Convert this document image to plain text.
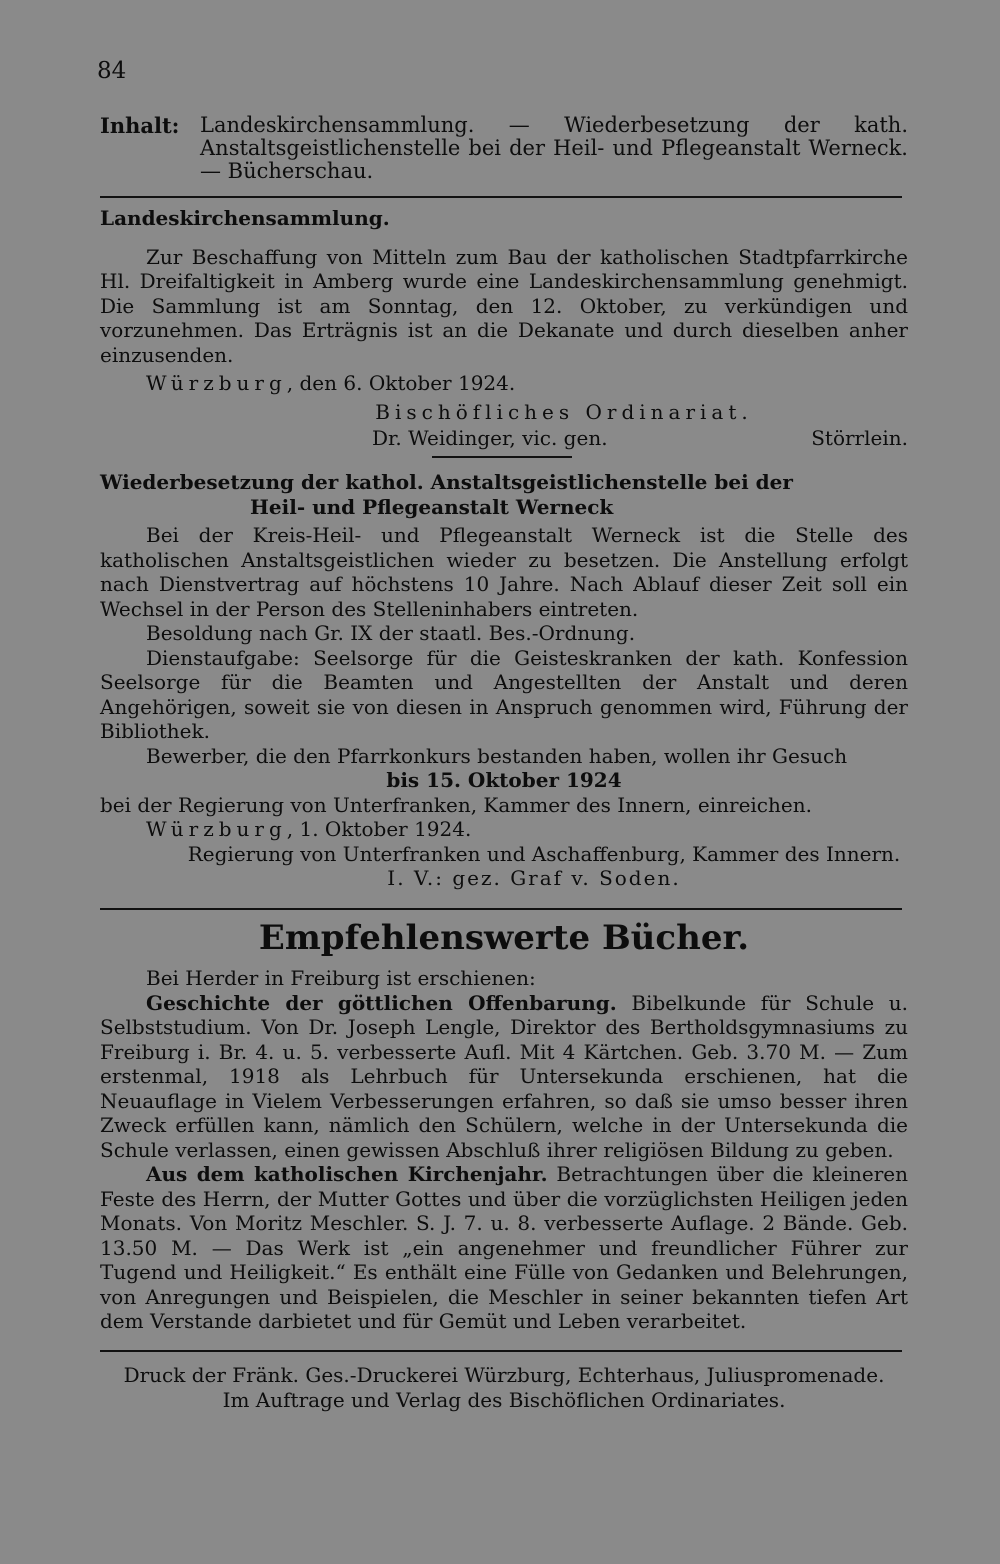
84
Inhalt: Landeskirchensammlung. — Wiederbesetzung der kath. Anstaltsgeistlichenstelle bei der Heil- und Pflegeanstalt Werneck. — Bücherschau.
Landeskirchensammlung.

Zur Beschaffung von Mitteln zum Bau der katholischen Stadtpfarrkirche Hl. Dreifaltigkeit in Amberg wurde eine Landeskirchensammlung genehmigt. Die Sammlung ist am Sonntag, den 12. Oktober, zu verkündigen und vorzunehmen. Das Erträgnis ist an die Dekanate und durch dieselben anher einzusenden.

Würzburg, den 6. Oktober 1924.
Bischöfliches Ordinariat.
Dr. Weidinger, vic. gen.	Störrlein.
Wiederbesetzung der kathol. Anstaltsgeistlichenstelle bei der
Heil- und Pflegeanstalt Werneck

Bei der Kreis-Heil- und Pflegeanstalt Werneck ist die Stelle des katholischen Anstaltsgeistlichen wieder zu besetzen. Die Anstellung erfolgt nach Dienstvertrag auf höchstens 10 Jahre. Nach Ablauf dieser Zeit soll ein Wechsel in der Person des Stelleninhabers eintreten.

Besoldung nach Gr. IX der staatl. Bes.-Ordnung.

Dienstaufgabe: Seelsorge für die Geisteskranken der kath. Konfession Seelsorge für die Beamten und Angestellten der Anstalt und deren Angehörigen, soweit sie von diesen in Anspruch genommen wird, Führung der Bibliothek.

Bewerber, die den Pfarrkonkurs bestanden haben, wollen ihr Gesuch

bis 15. Oktober 1924
bei der Regierung von Unterfranken, Kammer des Innern, einreichen.
Würzburg, 1. Oktober 1924.
Regierung von Unterfranken und Aschaffenburg, Kammer des Innern.
I. V.: gez. Graf v. Soden.
Empfehlenswerte Bücher.
Bei Herder in Freiburg ist erschienen:

Geschichte der göttlichen Offenbarung. Bibelkunde für Schule u. Selbststudium. Von Dr. Joseph Lengle, Direktor des Bertholdsgymnasiums zu Freiburg i. Br. 4. u. 5. verbesserte Aufl. Mit 4 Kärtchen. Geb. 3.70 M. — Zum erstenmal, 1918 als Lehrbuch für Untersekunda erschienen, hat die Neuauflage in Vielem Verbesserungen erfahren, so daß sie umso besser ihren Zweck erfüllen kann, nämlich den Schülern, welche in der Untersekunda die Schule verlassen, einen gewissen Abschluß ihrer religiösen Bildung zu geben.

Aus dem katholischen Kirchenjahr. Betrachtungen über die kleineren Feste des Herrn, der Mutter Gottes und über die vorzüglichsten Heiligen jeden Monats. Von Moritz Meschler. S. J. 7. u. 8. verbesserte Auflage. 2 Bände. Geb. 13.50 M. — Das Werk ist „ein angenehmer und freundlicher Führer zur Tugend und Heiligkeit.“ Es enthält eine Fülle von Gedanken und Belehrungen, von Anregungen und Beispielen, die Meschler in seiner bekannten tiefen Art dem Verstande darbietet und für Gemüt und Leben verarbeitet.

Druck der Fränk. Ges.-Druckerei Würzburg, Echterhaus, Juliuspromenade.
Im Auftrage und Verlag des Bischöflichen Ordinariates.
